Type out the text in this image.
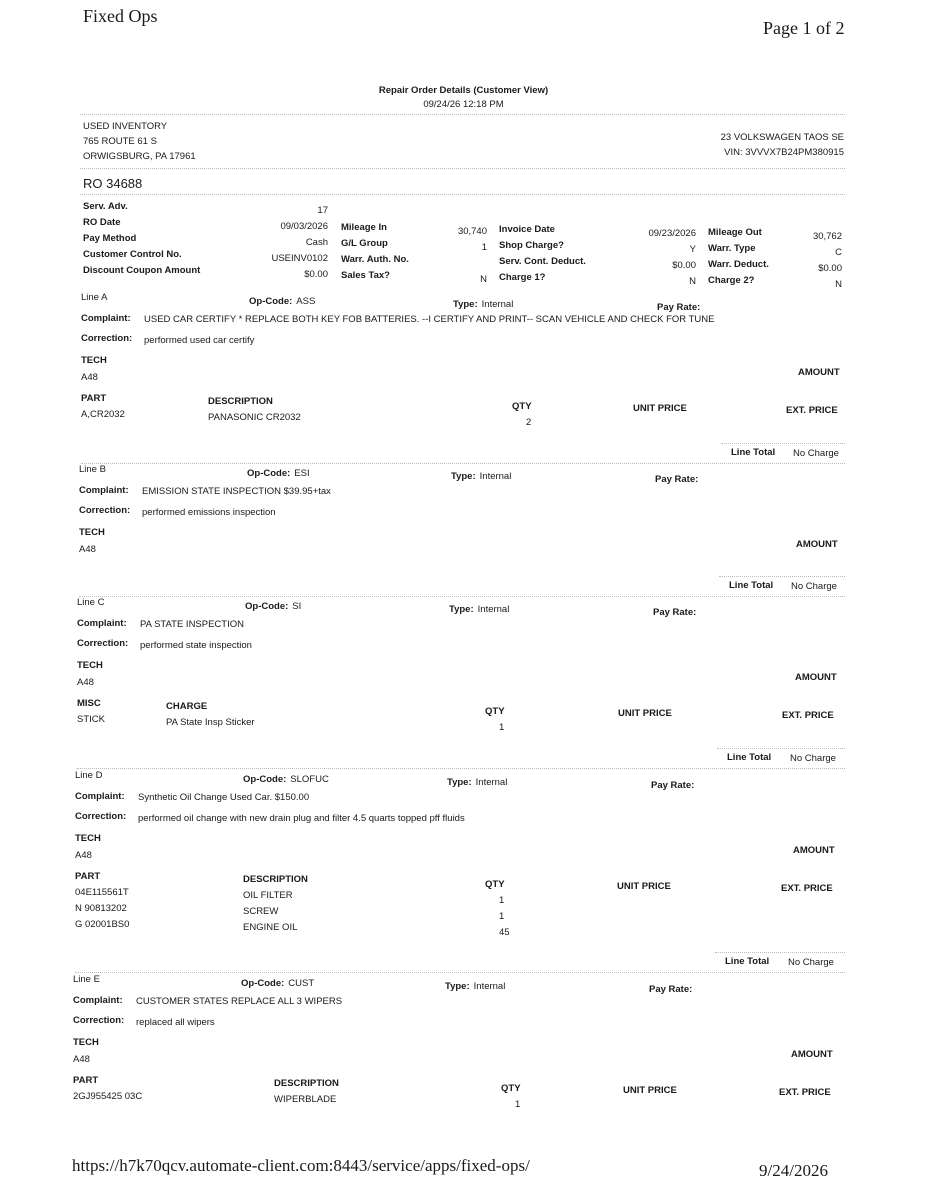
Fixed Ops
Page 1 of 2
https://h7k70qcv.automate-client.com:8443/service/apps/fixed-ops/	9/24/2026
Repair Order Details (Customer View)
09/24/26 12:18 PM
USED INVENTORY
765 ROUTE 61 S
ORWIGSBURG, PA 17961
23 VOLKSWAGEN TAOS SE
VIN: 3VVVX7B24PM380915
RO 34688
Serv. Adv.	17
RO Date	09/03/2026
Pay Method	Cash
Customer Control No.	USEINV0102
Discount Coupon Amount	$0.00
Mileage In	30,740
G/L Group	1
Warr. Auth. No.
Sales Tax?	N
Invoice Date	09/23/2026
Shop Charge?	Y
Serv. Cont. Deduct.	$0.00
Charge 1?	N
Mileage Out	30,762
Warr. Type	C
Warr. Deduct.	$0.00
Charge 2?	N
Line A	Op-Code: ASS	Type: Internal	Pay Rate:
Complaint: USED CAR CERTIFY * REPLACE BOTH KEY FOB BATTERIES. --I CERTIFY AND PRINT-- SCAN VEHICLE AND CHECK FOR TUNE
Correction: performed used car certify
TECH
A48	AMOUNT
PART	DESCRIPTION	QTY	UNIT PRICE	EXT. PRICE
A,CR2032	PANASONIC CR2032	2
Line Total No Charge
Line B	Op-Code: ESI	Type: Internal	Pay Rate:
Complaint: EMISSION STATE INSPECTION $39.95+tax
Correction: performed emissions inspection
TECH
A48	AMOUNT
Line Total No Charge
Line C	Op-Code: SI	Type: Internal	Pay Rate:
Complaint: PA STATE INSPECTION
Correction: performed state inspection
TECH
A48	AMOUNT
MISC	CHARGE	QTY	UNIT PRICE	EXT. PRICE
STICK	PA State Insp Sticker	1
Line Total No Charge
Line D	Op-Code: SLOFUC	Type: Internal	Pay Rate:
Complaint: Synthetic Oil Change Used Car. $150.00
Correction: performed oil change with new drain plug and filter 4.5 quarts topped pff fluids
TECH
A48	AMOUNT
PART	DESCRIPTION	QTY	UNIT PRICE	EXT. PRICE
04E115561T	OIL FILTER	1
N 90813202	SCREW	1
G 02001BS0	ENGINE OIL	45
Line Total No Charge
Line E	Op-Code: CUST	Type: Internal	Pay Rate:
Complaint: CUSTOMER STATES REPLACE ALL 3 WIPERS
Correction: replaced all wipers
TECH
A48	AMOUNT
PART	DESCRIPTION	QTY	UNIT PRICE	EXT. PRICE
2GJ955425 03C	WIPERBLADE	1
